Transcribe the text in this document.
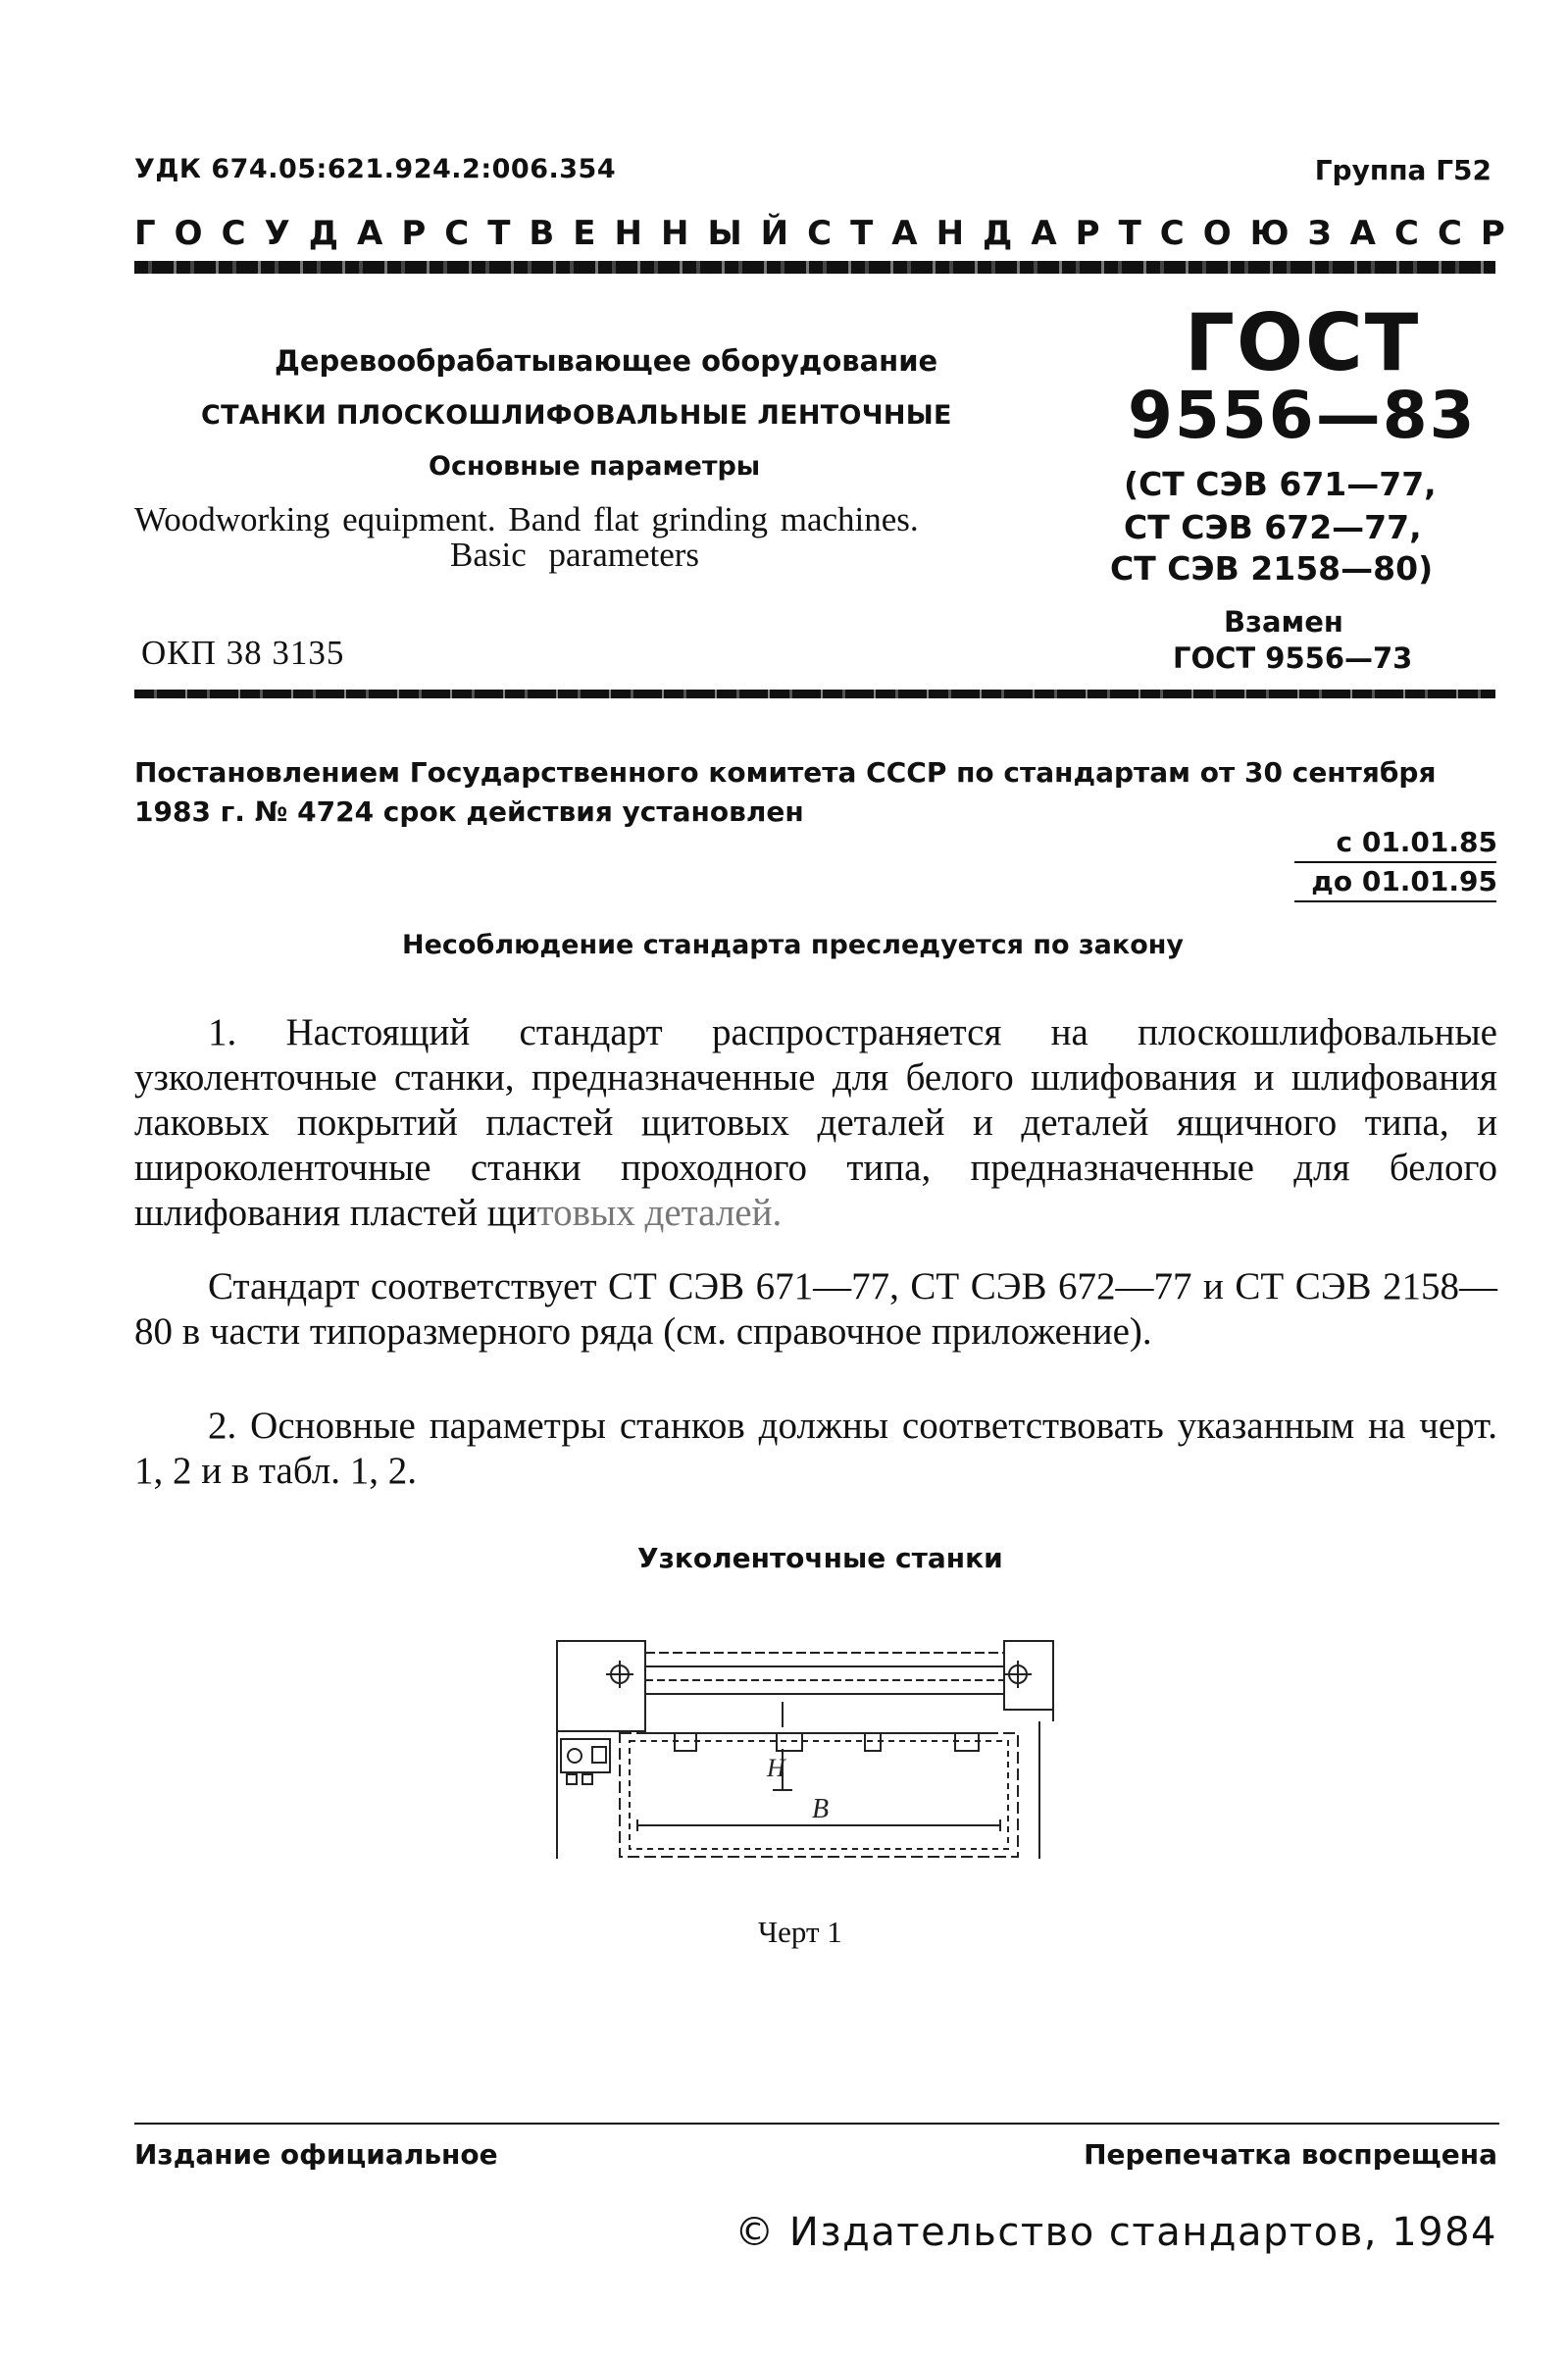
УДК 674.05:621.924.2:006.354	Группа Г52
ГОСУДАРСТВЕННЫЙ СТАНДАРТ СОЮЗА ССР
Деревообрабатывающее оборудование
СТАНКИ ПЛОСКОШЛИФОВАЛЬНЫЕ ЛЕНТОЧНЫЕ
Основные параметры
Woodworking equipment. Band flat grinding machines.
Basic parameters
ОКП 38 3135
ГОСТ
9556—83
(СТ СЭВ 671—77,
СТ СЭВ 672—77,
СТ СЭВ 2158—80)
Взамен
ГОСТ 9556—73
Постановлением Государственного комитета СССР по стандартам от 30 сентября 1983 г. № 4724 срок действия установлен
с 01.01.85
до 01.01.95
Несоблюдение стандарта преследуется по закону
1. Настоящий стандарт распространяется на плоскошлифовальные узколенточные станки, предназначенные для белого шлифования и шлифования лаковых покрытий пластей щитовых деталей и деталей ящичного типа, и широколенточные станки проходного типа, предназначенные для белого шлифования пластей щитовых деталей.
Стандарт соответствует СТ СЭВ 671—77, СТ СЭВ 672—77 и СТ СЭВ 2158—80 в части типоразмерного ряда (см. справочное приложение).
2. Основные параметры станков должны соответствовать указанным на черт. 1, 2 и в табл. 1, 2.
Узколенточные станки
H
B
Черт 1
Издание официальное	Перепечатка воспрещена
© Издательство стандартов, 1984
